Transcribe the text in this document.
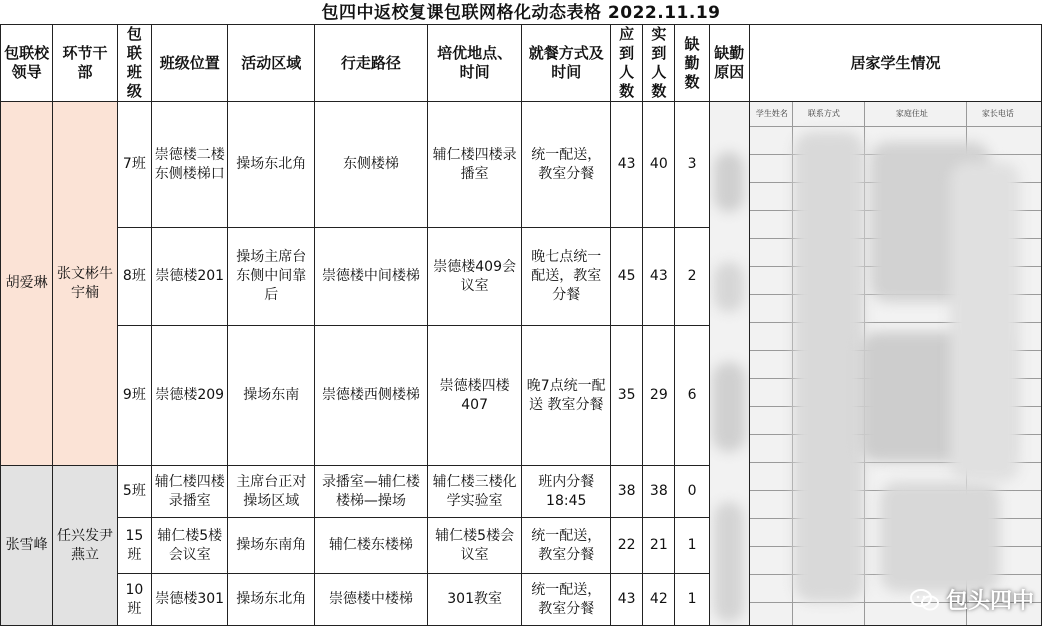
包四中返校复课包联网格化动态表格 2022.11.19
包联校领导	环节干部	包联班级	班级位置	活动区域	行走路径	培优地点、时间	就餐方式及时间	应到人数	实到人数	缺勤数	缺勤原因	居家学生情况
胡爱琳	张文彬牛宇楠	7班	崇德楼二楼东侧楼梯口	操场东北角	东侧楼梯	辅仁楼四楼录播室	统一配送，教室分餐	43	40	3		学生姓名 联系方式 家庭住址 家长电话

		8班	崇德楼201	操场主席台东侧中间靠后	崇德楼中间楼梯	崇德楼409会议室	晚七点统一配送，教室分餐	45	43	2		
		9班	崇德楼209	操场东南	崇德楼西侧楼梯	崇德楼四楼407	晚7点统一配送 教室分餐	35	29	6		
张雪峰	任兴发尹燕立	5班	辅仁楼四楼录播室	主席台正对操场区域	录播室—辅仁楼楼梯—操场	辅仁楼三楼化学实验室	班内分餐18:45	38	38	0		
		15班	辅仁楼5楼会议室	操场东南角	辅仁楼东楼梯	辅仁楼5楼会议室	统一配送，教室分餐	22	21	1		
		10班	崇德楼301	操场东北角	崇德楼中楼梯	301教室	统一配送，教室分餐	43	42	1			包头四中
